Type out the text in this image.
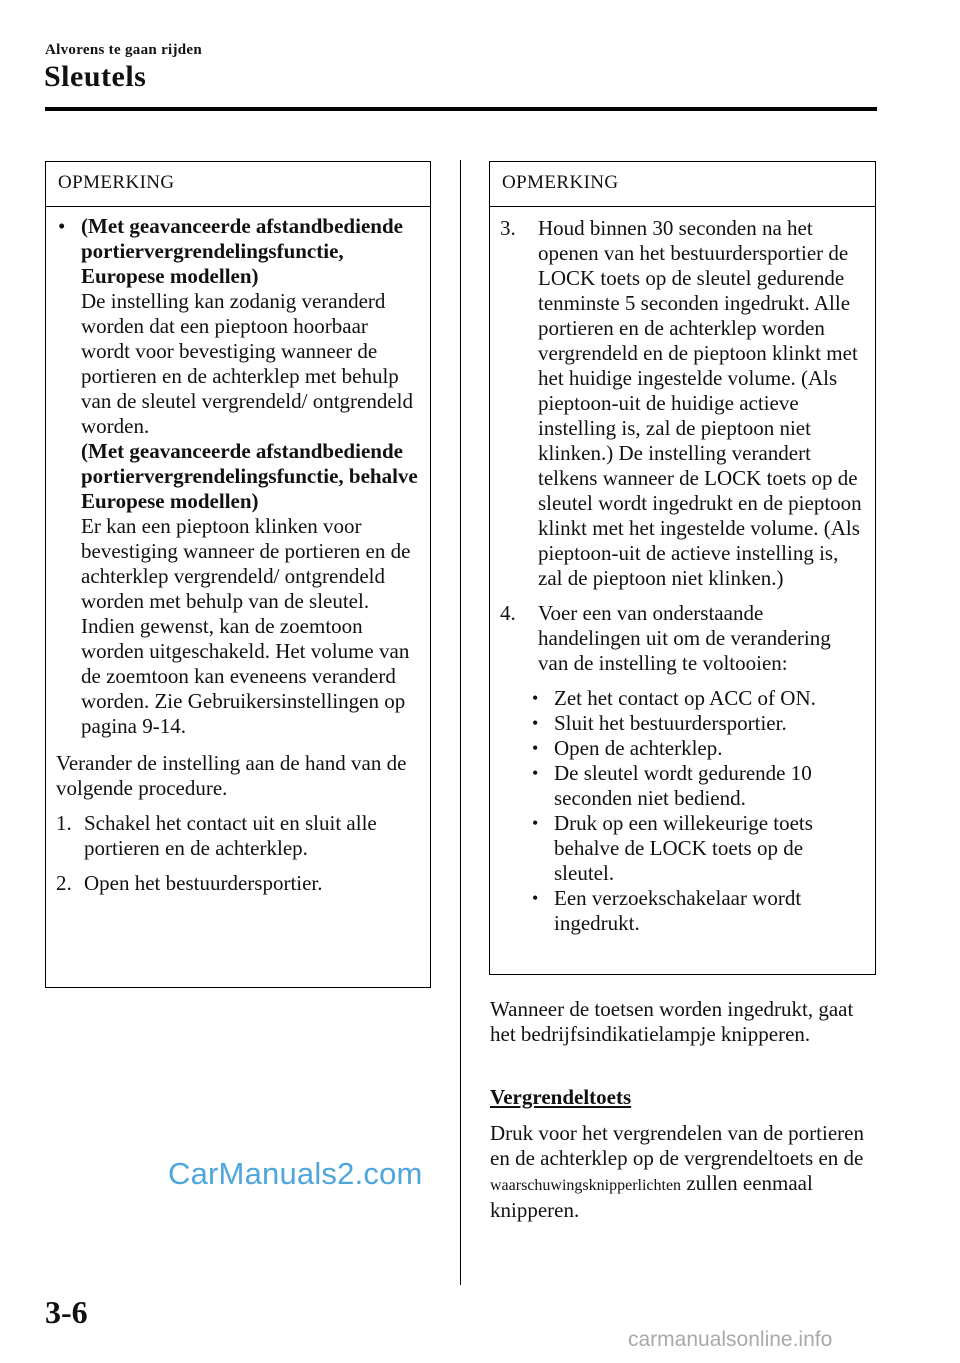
Alvorens te gaan rijden
Sleutels
OPMERKING
• (Met geavanceerde afstandbediende portiervergrendelingsfunctie, Europese modellen)

De instelling kan zodanig veranderd worden dat een pieptoon hoorbaar wordt voor bevestiging wanneer de portieren en de achterklep met behulp van de sleutel vergrendeld/ ontgrendeld worden.

(Met geavanceerde afstandbediende portiervergrendelingsfunctie, behalve Europese modellen)

Er kan een pieptoon klinken voor bevestiging wanneer de portieren en de achterklep vergrendeld/ ontgrendeld worden met behulp van de sleutel. Indien gewenst, kan de zoemtoon worden uitgeschakeld. Het volume van de zoemtoon kan eveneens veranderd worden. Zie Gebruikersinstellingen op pagina 9-14.

Verander de instelling aan de hand van de volgende procedure.

1. Schakel het contact uit en sluit alle portieren en de achterklep.

2. Open het bestuurdersportier.

OPMERKING
3. Houd binnen 30 seconden na het openen van het bestuurdersportier de LOCK toets op de sleutel gedurende tenminste 5 seconden ingedrukt. Alle portieren en de achterklep worden vergrendeld en de pieptoon klinkt met het huidige ingestelde volume. (Als pieptoon-uit de huidige actieve instelling is, zal de pieptoon niet klinken.) De instelling verandert telkens wanneer de LOCK toets op de sleutel wordt ingedrukt en de pieptoon klinkt met het ingestelde volume. (Als pieptoon-uit de actieve instelling is, zal de pieptoon niet klinken.)

4. Voer een van onderstaande handelingen uit om de verandering van de instelling te voltooien:

• Zet het contact op ACC of ON.
• Sluit het bestuurdersportier.
• Open de achterklep.
• De sleutel wordt gedurende 10 seconden niet bediend.
• Druk op een willekeurige toets behalve de LOCK toets op de sleutel.
• Een verzoekschakelaar wordt ingedrukt.

Wanneer de toetsen worden ingedrukt, gaat het bedrijfsindikatielampje knipperen.

Vergrendeltoets

Druk voor het vergrendelen van de portieren en de achterklep op de vergrendeltoets en de waarschuwingsknipperlichten zullen eenmaal knipperen.

CarManuals2.com
3-6
carmanualsonline.info
